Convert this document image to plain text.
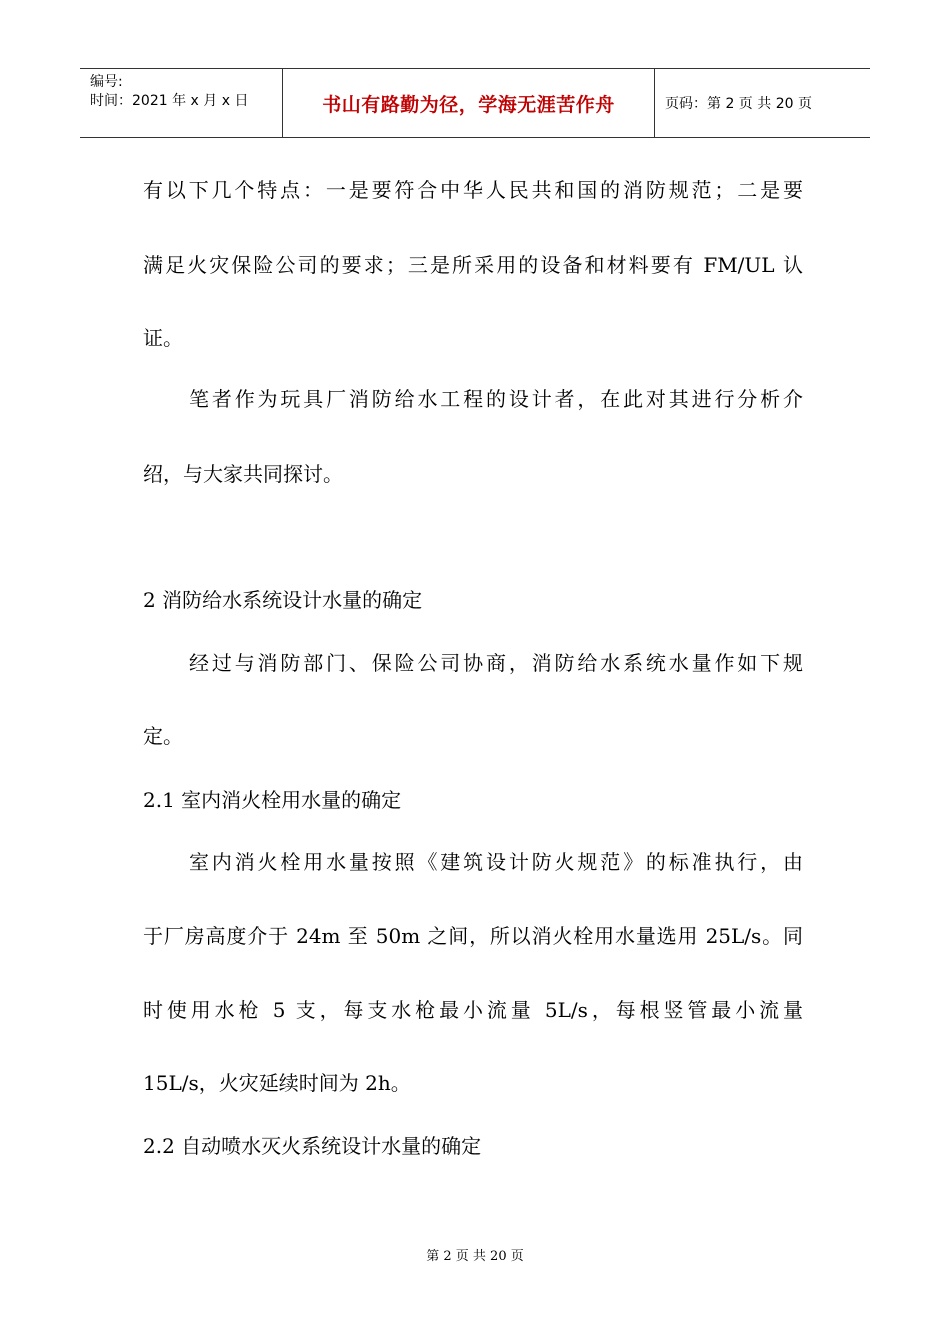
编号:
时间：2021 年 x 月 x 日	书山有路勤为径，学海无涯苦作舟	页码：第 2 页 共 20 页
有以下几个特点：一是要符合中华人民共和国的消防规范；二是要
满足火灾保险公司的要求；三是所采用的设备和材料要有 FM/UL 认
证。
笔者作为玩具厂消防给水工程的设计者，在此对其进行分析介
绍，与大家共同探讨。
2 消防给水系统设计水量的确定
经过与消防部门、保险公司协商，消防给水系统水量作如下规
定。
2.1 室内消火栓用水量的确定
室内消火栓用水量按照《建筑设计防火规范》的标准执行，由
于厂房高度介于 24m 至 50m 之间，所以消火栓用水量选用 25L/s。同
时使用水枪 5 支，每支水枪最小流量 5L/s，每根竖管最小流量
15L/s，火灾延续时间为 2h。
2.2 自动喷水灭火系统设计水量的确定
第 2 页 共 20 页
